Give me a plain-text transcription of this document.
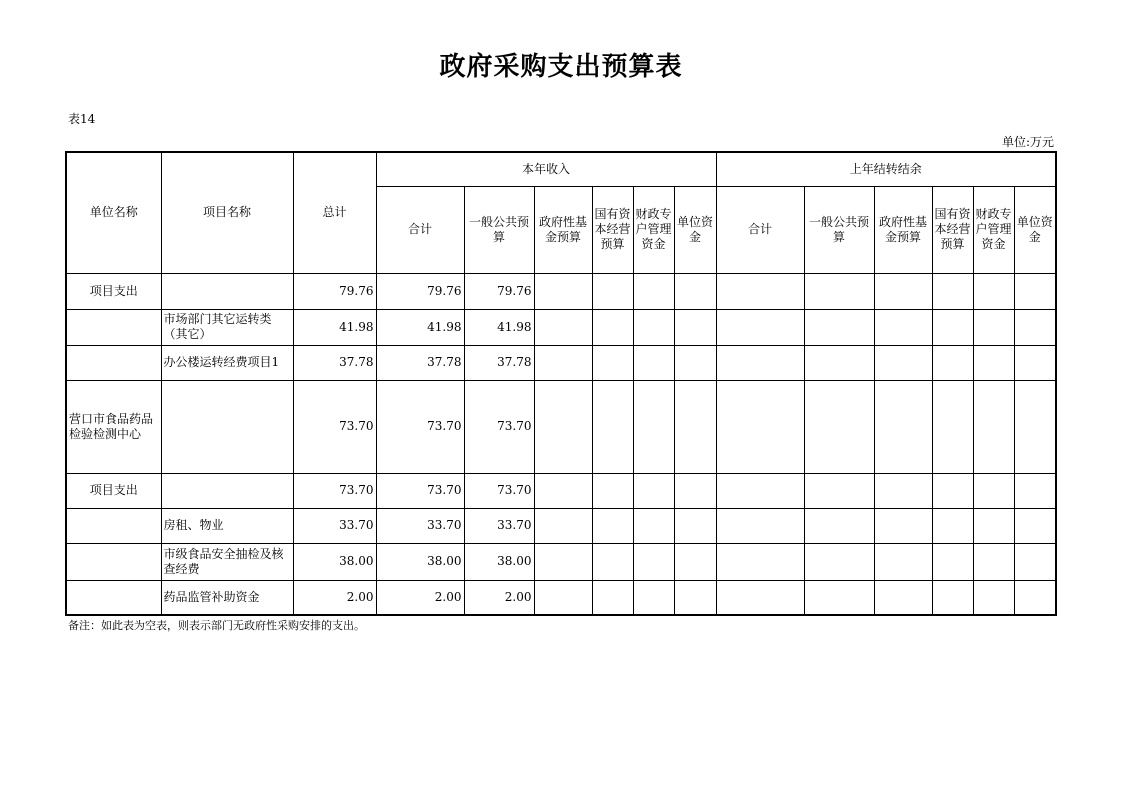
政府采购支出预算表
表14
单位:万元
单位名称	项目名称	总计	本年收入						上年结转结余					
			合计	一般公共预算	政府性基金预算	国有资本经营预算	财政专户管理资金	单位资金	合计	一般公共预算	政府性基金预算	国有资本经营预算	财政专户管理资金	单位资金
项目支出		79.76	79.76	79.76										
	市场部门其它运转类（其它）	41.98	41.98	41.98										
	办公楼运转经费项目1	37.78	37.78	37.78										
营口市食品药品检验检测中心		73.70	73.70	73.70										
项目支出		73.70	73.70	73.70										
	房租、物业	33.70	33.70	33.70										
	市级食品安全抽检及核查经费	38.00	38.00	38.00										
	药品监管补助资金	2.00	2.00	2.00										
备注：如此表为空表，则表示部门无政府性采购安排的支出。
